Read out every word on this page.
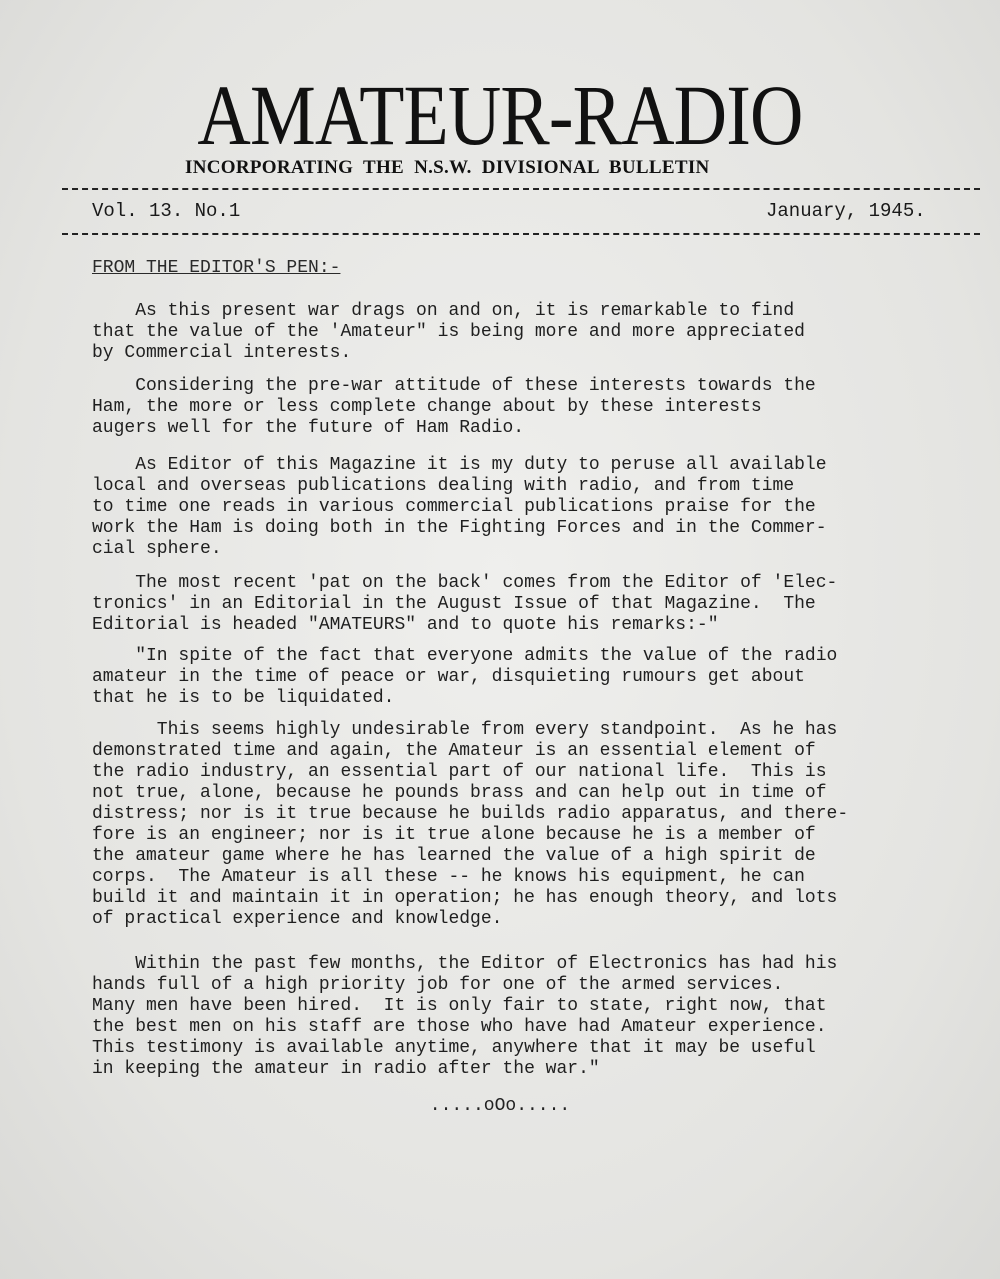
AMATEUR-RADIO
INCORPORATING  THE  N.S.W.  DIVISIONAL  BULLETIN
Vol. 13. No.1	January, 1945.
FROM THE EDITOR'S PEN:-
As this present war drags on and on, it is remarkable to find
that the value of the 'Amateur" is being more and more appreciated
by Commercial interests.
Considering the pre-war attitude of these interests towards the
Ham, the more or less complete change about by these interests
augers well for the future of Ham Radio.
As Editor of this Magazine it is my duty to peruse all available
local and overseas publications dealing with radio, and from time
to time one reads in various commercial publications praise for the
work the Ham is doing both in the Fighting Forces and in the Commer-
cial sphere.
The most recent 'pat on the back' comes from the Editor of 'Elec-
tronics' in an Editorial in the August Issue of that Magazine.  The
Editorial is headed "AMATEURS" and to quote his remarks:-"
"In spite of the fact that everyone admits the value of the radio
amateur in the time of peace or war, disquieting rumours get about
that he is to be liquidated.
This seems highly undesirable from every standpoint.  As he has
demonstrated time and again, the Amateur is an essential element of
the radio industry, an essential part of our national life.  This is
not true, alone, because he pounds brass and can help out in time of
distress; nor is it true because he builds radio apparatus, and there-
fore is an engineer; nor is it true alone because he is a member of
the amateur game where he has learned the value of a high spirit de
corps.  The Amateur is all these -- he knows his equipment, he can
build it and maintain it in operation; he has enough theory, and lots
of practical experience and knowledge.
Within the past few months, the Editor of Electronics has had his
hands full of a high priority job for one of the armed services.
Many men have been hired.  It is only fair to state, right now, that
the best men on his staff are those who have had Amateur experience.
This testimony is available anytime, anywhere that it may be useful
in keeping the amateur in radio after the war."
.....oOo.....
